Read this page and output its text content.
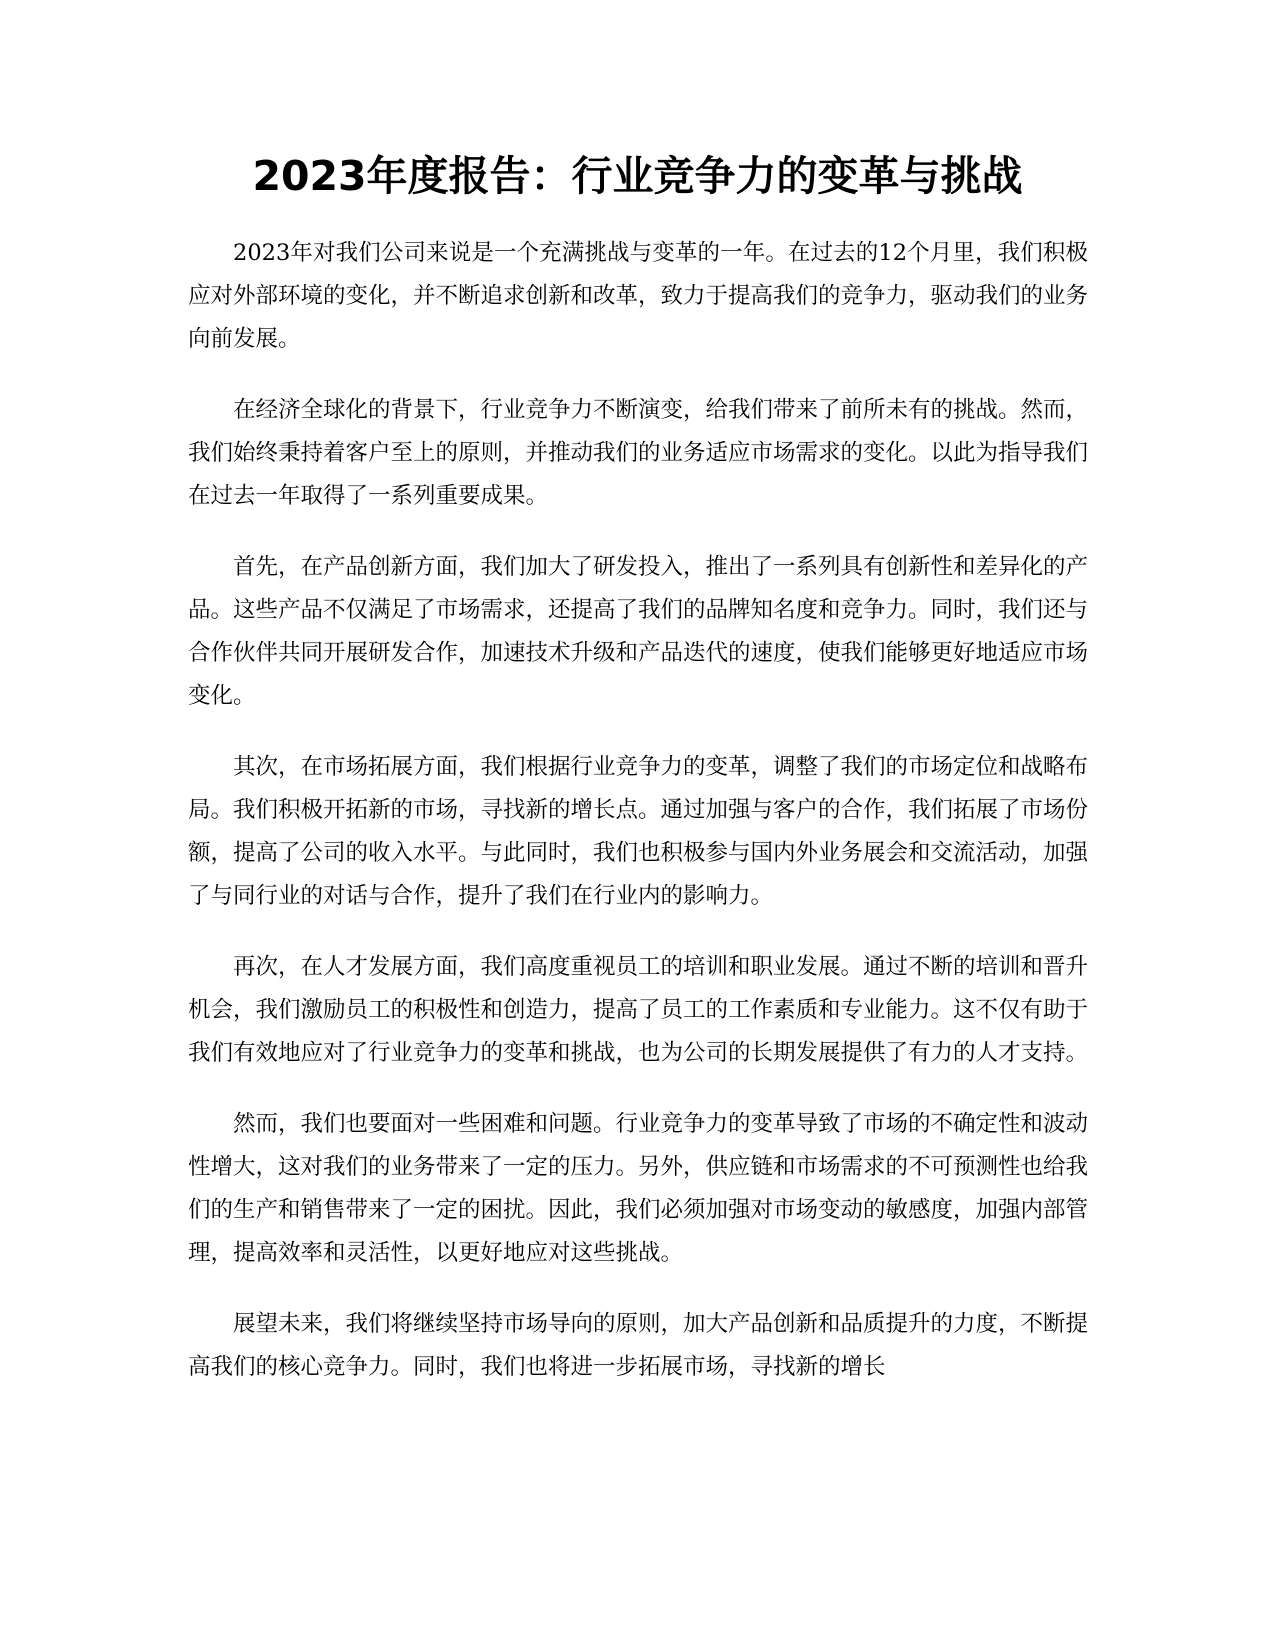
2023年度报告：行业竞争力的变革与挑战

2023年对我们公司来说是一个充满挑战与变革的一年。在过去的12个月里，我们积极应对外部环境的变化，并不断追求创新和改革，致力于提高我们的竞争力，驱动我们的业务向前发展。

在经济全球化的背景下，行业竞争力不断演变，给我们带来了前所未有的挑战。然而，我们始终秉持着客户至上的原则，并推动我们的业务适应市场需求的变化。以此为指导我们在过去一年取得了一系列重要成果。

首先，在产品创新方面，我们加大了研发投入，推出了一系列具有创新性和差异化的产品。这些产品不仅满足了市场需求，还提高了我们的品牌知名度和竞争力。同时，我们还与合作伙伴共同开展研发合作，加速技术升级和产品迭代的速度，使我们能够更好地适应市场变化。

其次，在市场拓展方面，我们根据行业竞争力的变革，调整了我们的市场定位和战略布局。我们积极开拓新的市场，寻找新的增长点。通过加强与客户的合作，我们拓展了市场份额，提高了公司的收入水平。与此同时，我们也积极参与国内外业务展会和交流活动，加强了与同行业的对话与合作，提升了我们在行业内的影响力。

再次，在人才发展方面，我们高度重视员工的培训和职业发展。通过不断的培训和晋升机会，我们激励员工的积极性和创造力，提高了员工的工作素质和专业能力。这不仅有助于我们有效地应对了行业竞争力的变革和挑战，也为公司的长期发展提供了有力的人才支持。

然而，我们也要面对一些困难和问题。行业竞争力的变革导致了市场的不确定性和波动性增大，这对我们的业务带来了一定的压力。另外，供应链和市场需求的不可预测性也给我们的生产和销售带来了一定的困扰。因此，我们必须加强对市场变动的敏感度，加强内部管理，提高效率和灵活性，以更好地应对这些挑战。

展望未来，我们将继续坚持市场导向的原则，加大产品创新和品质提升的力度，不断提高我们的核心竞争力。同时，我们也将进一步拓展市场，寻找新的增长
